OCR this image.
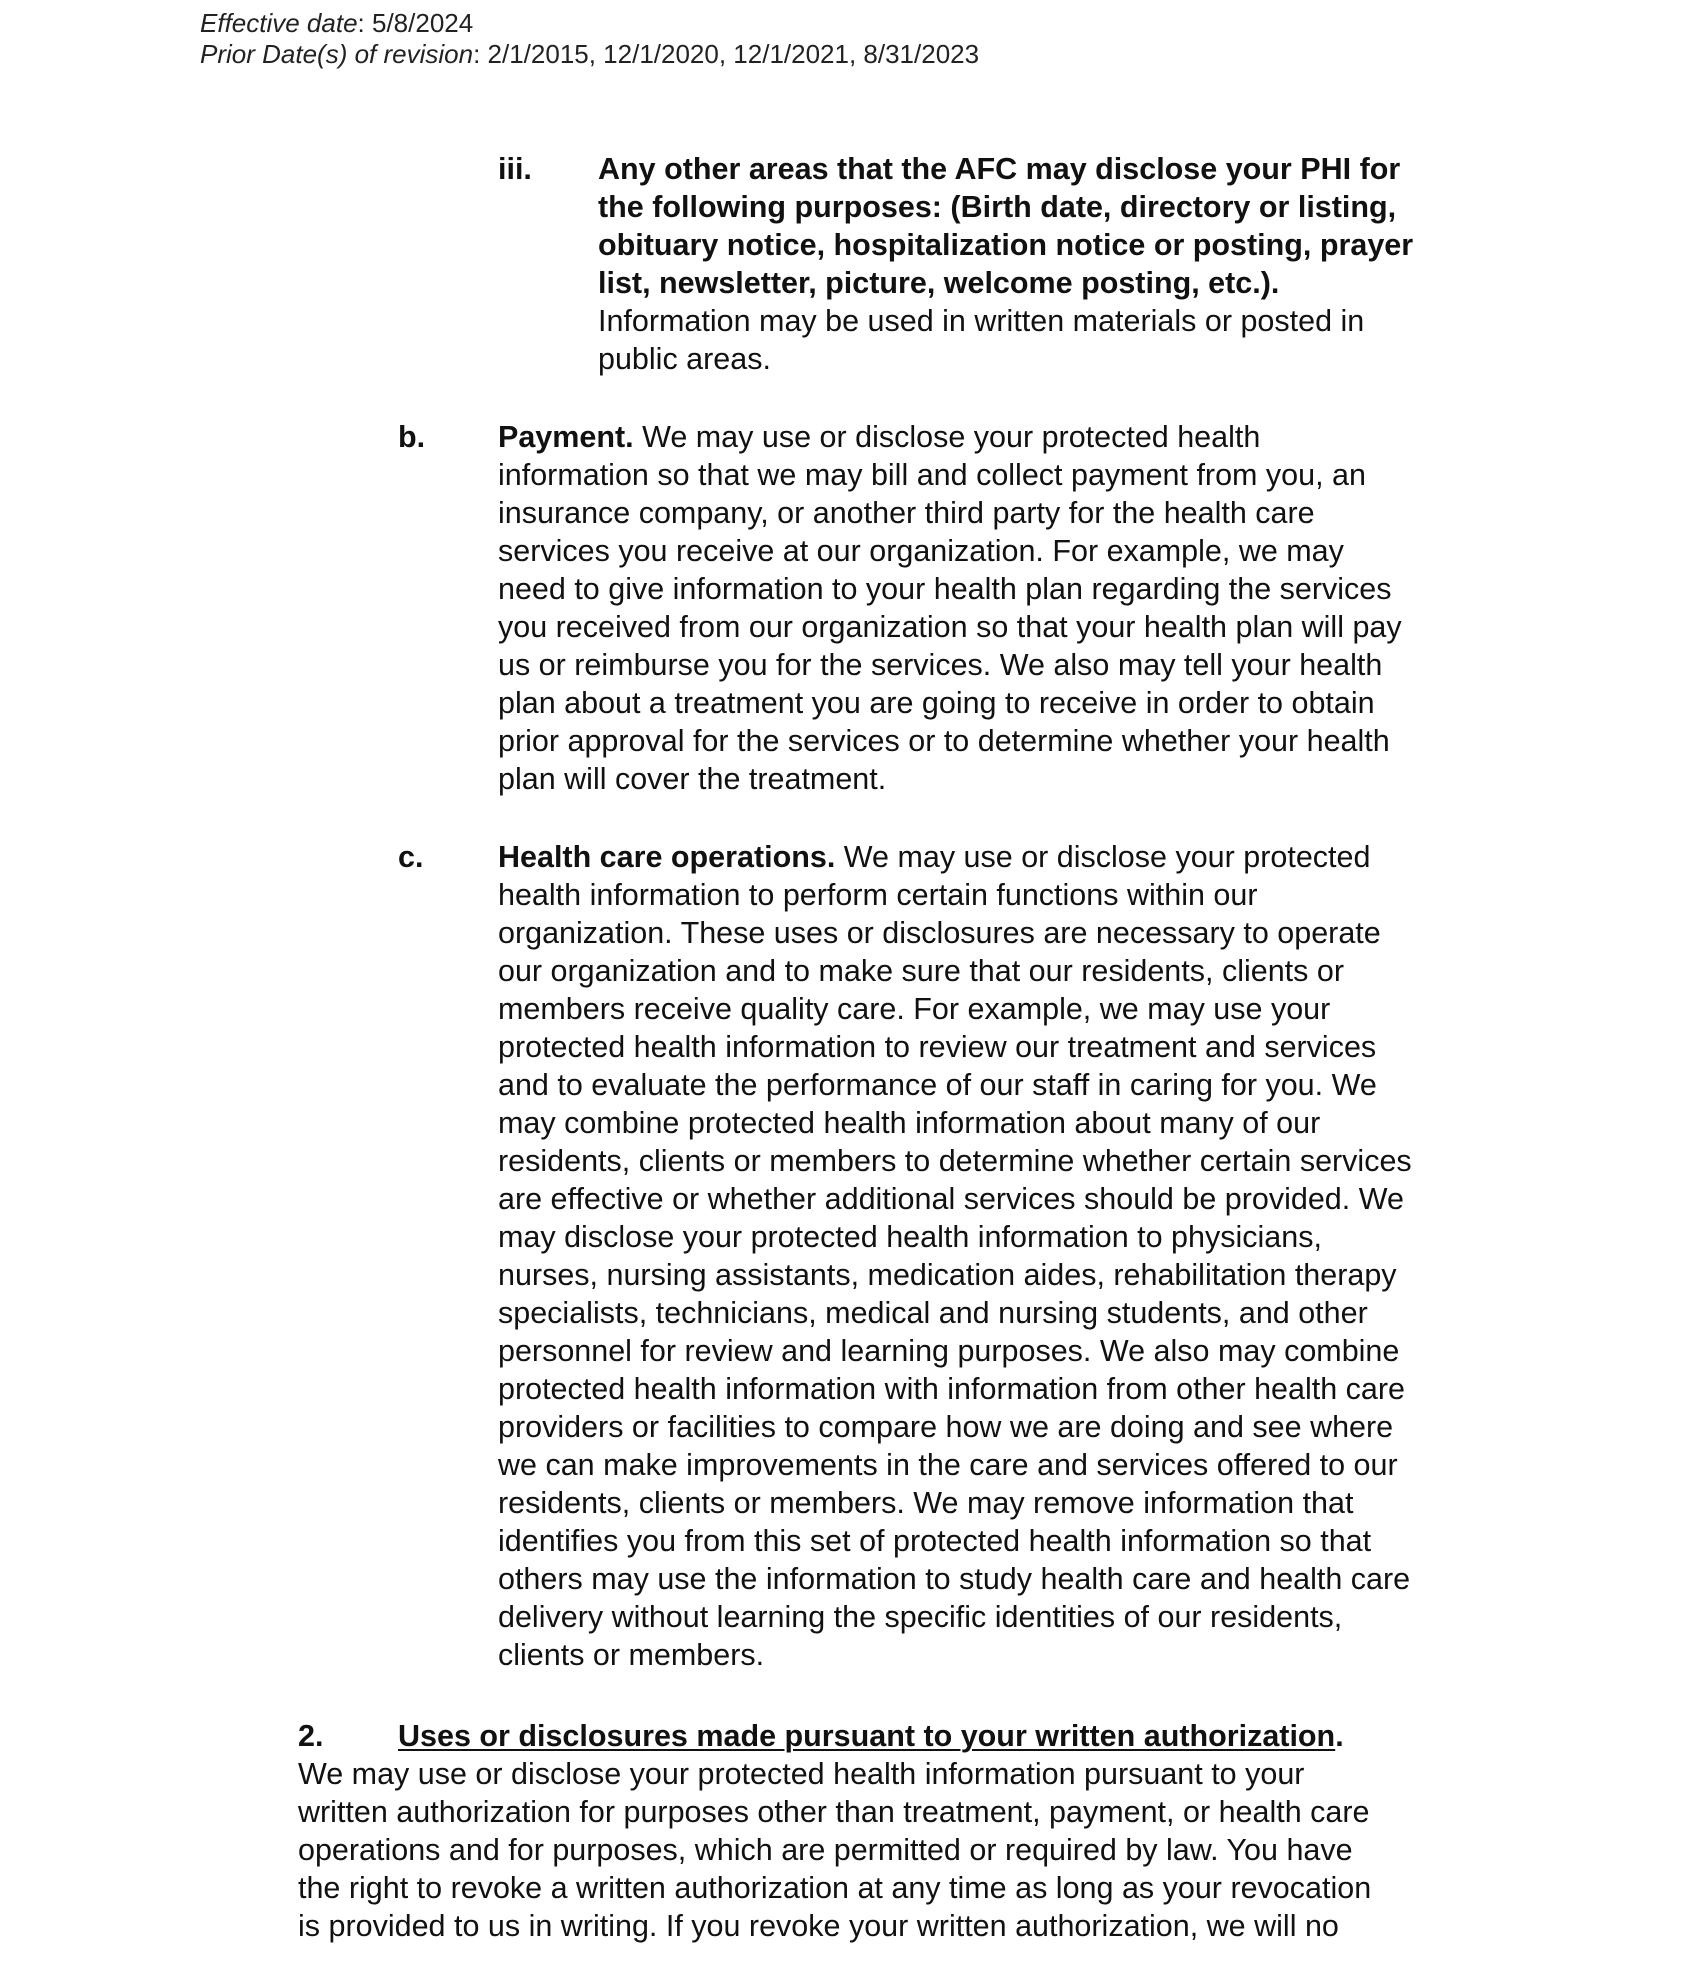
Effective date: 5/8/2024
Prior Date(s) of revision: 2/1/2015, 12/1/2020, 12/1/2021, 8/31/2023
iii. Any other areas that the AFC may disclose your PHI for
the following purposes: (Birth date, directory or listing,
obituary notice, hospitalization notice or posting, prayer
list, newsletter, picture, welcome posting, etc.).
Information may be used in written materials or posted in
public areas.
b. Payment. We may use or disclose your protected health
information so that we may bill and collect payment from you, an
insurance company, or another third party for the health care
services you receive at our organization. For example, we may
need to give information to your health plan regarding the services
you received from our organization so that your health plan will pay
us or reimburse you for the services. We also may tell your health
plan about a treatment you are going to receive in order to obtain
prior approval for the services or to determine whether your health
plan will cover the treatment.
c. Health care operations. We may use or disclose your protected
health information to perform certain functions within our
organization. These uses or disclosures are necessary to operate
our organization and to make sure that our residents, clients or
members receive quality care. For example, we may use your
protected health information to review our treatment and services
and to evaluate the performance of our staff in caring for you. We
may combine protected health information about many of our
residents, clients or members to determine whether certain services
are effective or whether additional services should be provided. We
may disclose your protected health information to physicians,
nurses, nursing assistants, medication aides, rehabilitation therapy
specialists, technicians, medical and nursing students, and other
personnel for review and learning purposes. We also may combine
protected health information with information from other health care
providers or facilities to compare how we are doing and see where
we can make improvements in the care and services offered to our
residents, clients or members. We may remove information that
identifies you from this set of protected health information so that
others may use the information to study health care and health care
delivery without learning the specific identities of our residents,
clients or members.
2. Uses or disclosures made pursuant to your written authorization.
We may use or disclose your protected health information pursuant to your
written authorization for purposes other than treatment, payment, or health care
operations and for purposes, which are permitted or required by law. You have
the right to revoke a written authorization at any time as long as your revocation
is provided to us in writing. If you revoke your written authorization, we will no
